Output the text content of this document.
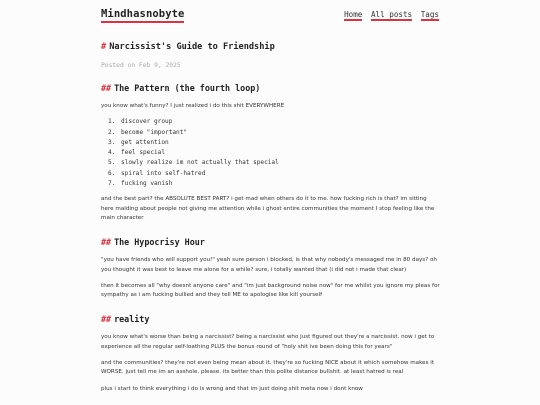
Mindhasnobyte	Home All posts Tags
# Narcissist's Guide to Friendship
Posted on Feb 9, 2025
## The Pattern (the fourth loop)

you know what's funny? I just realized i do this shit EVERYWHERE

1. discover group
2. become "important"
3. get attention
4. feel special
5. slowly realize im not actually that special
6. spiral into self-hatred
7. fucking vanish

and the best part? the ABSOLUTE BEST PART? i get mad when others do it to me. how fucking rich is that? im sitting here malding about people not giving me attention while i ghost entire communities the moment I stop feeling like the main character

## The Hypocrisy Hour

"you have friends who will support you!" yeah sure person i blocked, is that why nobody's messaged me in 80 days? oh you thought it was best to leave me alone for a while? sure, i totally wanted that (i did not i made that clear)

then it becomes all "why doesnt anyone care" and "im just background noise now" for me whilst you ignore my pleas for sympathy as i am fucking bullied and they tell ME to apologise like kill yourself

## reality

you know what's worse than being a narcissist? being a narcissist who just figured out they're a narcissist. now i get to experience all the regular self-loathing PLUS the bonus round of "holy shit ive been doing this for years"

and the communities? they're not even being mean about it. they're so fucking NICE about it which somehow makes it WORSE. just tell me im an asshole. please. its better than this polite distance bullshit. at least hatred is real

plus i start to think everything i do is wrong and that im just doing shit meta now i dont know
